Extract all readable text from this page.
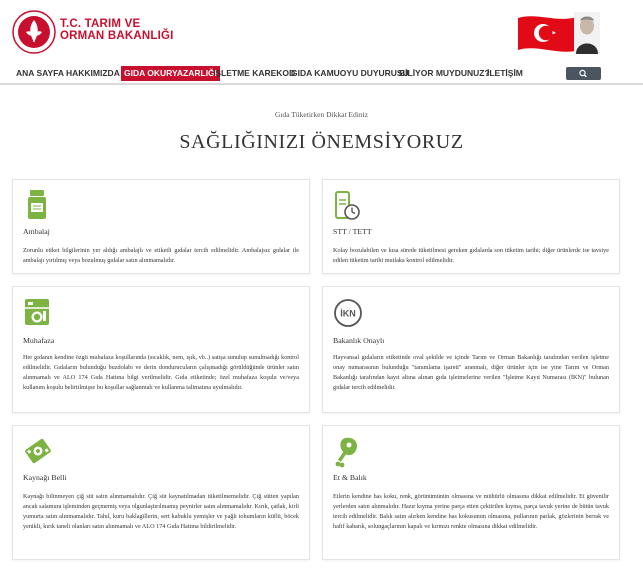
T.C. TARIM VE
ORMAN BAKANLIĞI
ANA SAYFA HAKKIMIZDA GIDA OKURYAZARLIĞI
İŞLETME KAREKOD
GIDA KAMUOYU DUYURUSU
BİLİYOR MUYDUNUZ?
İLETİŞİM
Gıda Tüketirken Dikkat Ediniz
SAĞLIĞINIZI ÖNEMSİYORUZ
Ambalaj
Zorunlu etiket bilgilerinin yer aldığı ambalajlı ve etiketli gıdalar tercih edilmelidir. Ambalajsız gıdalar ile ambalajı yırtılmış veya bozulmuş gıdalar satın alınmamalıdır.
STT / TETT
Kolay bozulabilen ve kısa sürede tüketilmesi gereken gıdalarda son tüketim tarihi; diğer ürünlerde ise tavsiye edilen tüketim tarihi mutlaka kontrol edilmelidir.
Muhafaza
Her gıdanın kendine özgü muhafaza koşullarında (sıcaklık, nem, ışık, vb..) satışa sunulup sunulmadığı kontrol edilmelidir. Gıdaların bulunduğu buzdolabı ve derin dondurucuların çalışmadığı görüldüğünde ürünler satın alınmamalı ve ALO 174 Gıda Hattına bilgi verilmelidir. Gıda etiketinde; özel muhafaza koşulu ve/veya kullanım koşulu belirtilmişse bu koşullar sağlanmalı ve kullanma talimatına uyulmalıdır.
İKN
Bakanlık Onaylı
Hayvansal gıdaların etiketinde oval şekilde ve içinde Tarım ve Orman Bakanlığı tarafından verilen işletme onay numarasının bulunduğu "tanımlama işareti" aranmalı, diğer ürünler için ise yine Tarım ve Orman Bakanlığı tarafından kayıt altına alınan gıda işletmelerine verilen "İşletme Kayıt Numarası (İKN)" bulunan gıdalar tercih edilmelidir.
Kaynağı Belli
Kaynağı bilinmeyen çiğ süt satın alınmamalıdır. Çiğ süt kaynatılmadan tüketilmemelidir. Çiğ sütten yapılan ancak salamura işleminden geçmemiş veya olgunlaştırılmamış peynirler satın alınmamalıdır. Kırık, çatlak, kirli yumurta satın alınmamalıdır. Tahıl, kuru baklagillerin, sert kabuklu yemişler ve yağlı tohumların küflü, böcek yenikli, kırık taneli olanları satın alınmamalı ve ALO 174 Gıda Hattına bildirilmelidir.
Et & Balık
Etlerin kendine has koku, renk, görünümünün olmasına ve mühürlü olmasına dikkat edilmelidir. Et güvenilir yerlerden satın alınmalıdır. Hazır kıyma yerine parça etten çektirilen kıyma, parça tavuk yerine de bütün tavuk tercih edilmelidir. Balık satın alırken kendine has kokusunun olmasına, pullarının parlak, gözlerinin berrak ve hafif kabarık, solungaçlarının kapalı ve kırmızı renkte olmasına dikkat edilmelidir.
